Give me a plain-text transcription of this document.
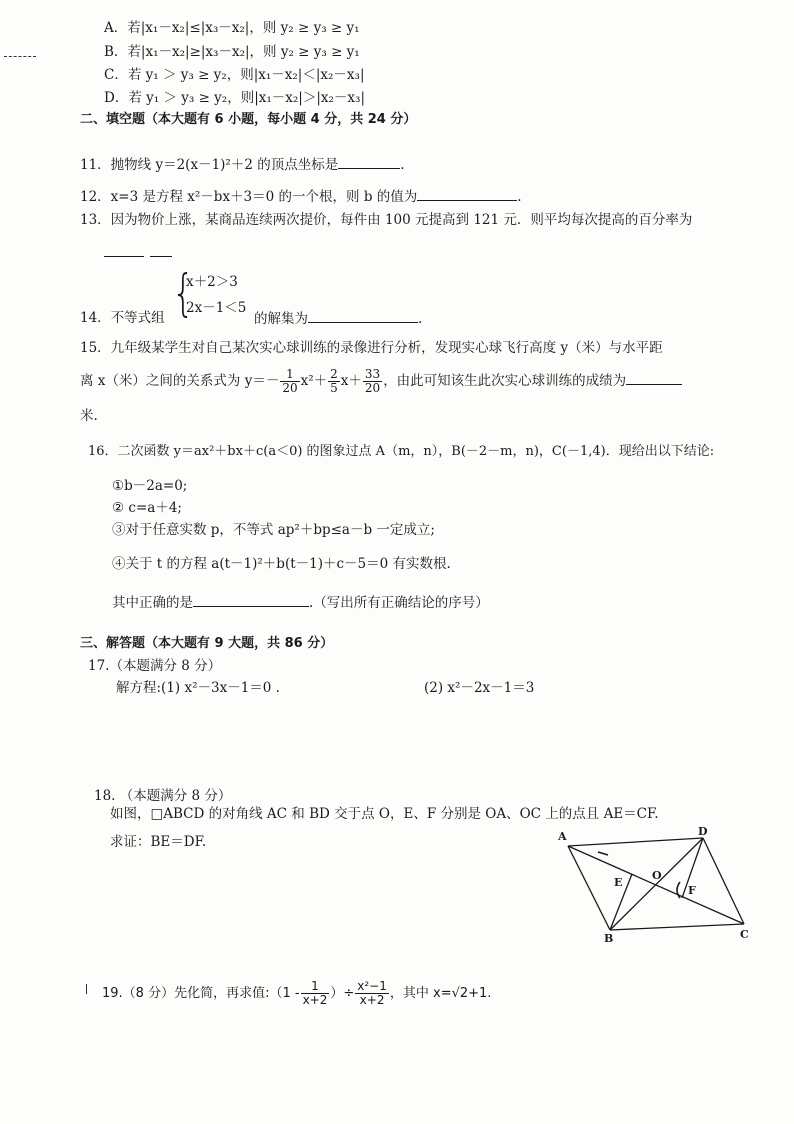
A．若|x₁－x₂|≤|x₃－x₂|，则 y₂ ≥ y₃ ≥ y₁
B．若|x₁－x₂|≥|x₃－x₂|，则 y₂ ≥ y₃ ≥ y₁
C．若 y₁ ＞ y₃ ≥ y₂，则|x₁－x₂|＜|x₂－x₃|
D．若 y₁ ＞ y₃ ≥ y₂，则|x₁－x₂|＞|x₂－x₃|
二、填空题（本大题有 6 小题，每小题 4 分，共 24 分）
11．抛物线 y＝2(x－1)²＋2 的顶点坐标是	.
12．x=3 是方程 x²－bx＋3＝0 的一个根，则 b 的值为	.
13．因为物价上涨，某商品连续两次提价，每件由 100 元提高到 121 元．则平均每次提高的百分率为
14．不等式组 {
x＋2＞3
2x－1＜5
的解集为	.
15．九年级某学生对自己某次实心球训练的录像进行分析，发现实心球飞行高度 y（米）与水平距
离 x（米）之间的关系式为 $y=- \frac{1}{20} x^2+ \frac{2}{5} x+ \frac{33}{20}$ ，由此可知该生此次实心球训练的成绩为
米.
16．二次函数 y＝ax²＋bx＋c(a＜0) 的图象过点 A（m，n），B(－2－m，n)，C(－1,4)．现给出以下结论:
①b－2a=0;
② c=a＋4;
③对于任意实数 p，不等式 ap²＋bp≤a－b 一定成立;
④关于 t 的方程 a(t－1)²＋b(t－1)＋c－5＝0 有实数根.
其中正确的是	.（写出所有正确结论的序号）
三、解答题（本大题有 9 大题，共 86 分）
17.（本题满分 8 分）
解方程:(1) x²－3x－1＝0 .	(2) x²－2x－1＝3
18. （本题满分 8 分）
如图，□ABCD 的对角线 AC 和 BD 交于点 O，E、F 分别是 OA、OC 上的点且 AE＝CF.
求证：BE＝DF.	A	D
B	C
E
O
F
19.（8 分）先化简，再求值:（1 - $\frac{1}{x+2}$ ）÷ $\frac{\text{x²−1}}{x+2}$ ，其中 x=√2+1.
